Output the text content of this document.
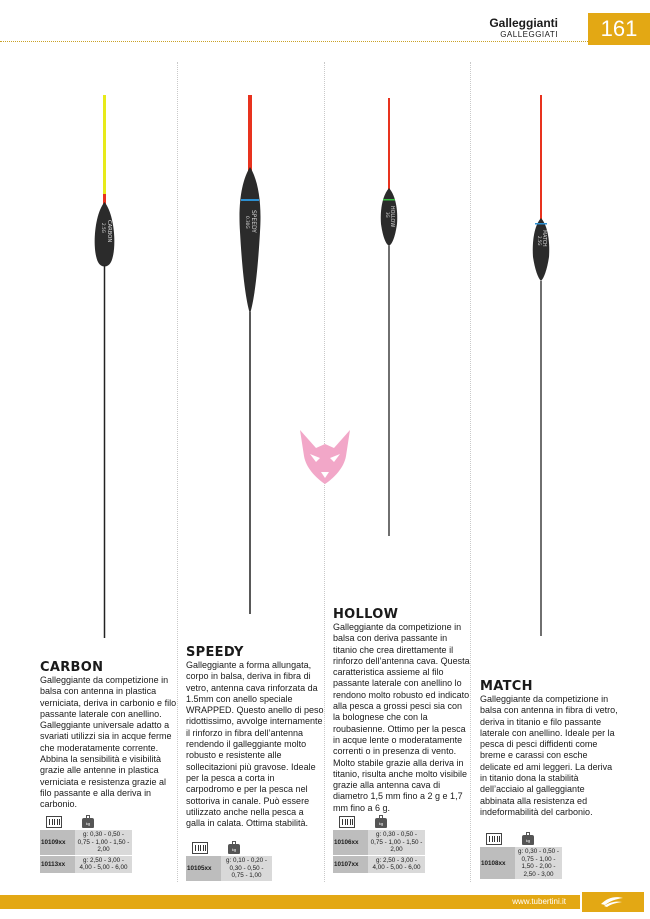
Galleggianti
GALLEGGIATI	161
CARBON
2.5G	SPEEDY
0.30G	HOLLOW
3G
MATCH
2.5G
CARBON

Galleggiante da competizione in balsa con antenna in plastica verniciata, deriva in carbonio e filo passante laterale con anellino. Galleggiante universale adatto a svariati utilizzi sia in acque ferme che moderatamente corrente. Abbina la sensibilità e visibilità grazie alle antenne in plastica verniciata e resistenza grazie al filo passante e alla deriva in carbonio.

kg
10109xx
g: 0,30 - 0,50 - 0,75 - 1,00 - 1,50 - 2,00
10113xx
g: 2,50 - 3,00 - 4,00 - 5,00 - 6,00
SPEEDY

Galleggiante a forma allungata, corpo in balsa, deriva in fibra di vetro, antenna cava rinforzata da 1.5mm con anello speciale WRAPPED. Questo anello di peso ridottissimo, avvolge internamente il rinforzo in fibra dell’antenna rendendo il galleggiante molto robusto e resistente alle sollecitazioni più gravose. Ideale per la pesca a corta in carpodromo e per la pesca nel sottoriva in canale. Può essere utilizzato anche nella pesca a galla in calata. Ottima stabilità.

kg
10105xx
g: 0,10 - 0,20 - 0,30 - 0,50 - 0,75 - 1,00
HOLLOW

Galleggiante da competizione in balsa con deriva passante in titanio che crea direttamente il rinforzo dell’antenna cava. Questa caratteristica assieme al filo passante laterale con anellino lo rendono molto robusto ed indicato alla pesca a grossi pesci sia con la bolognese che con la roubasienne. Ottimo per la pesca in acque lente o moderatamente correnti o in presenza di vento. Molto stabile grazie alla deriva in titanio, risulta anche molto visibile grazie alla antenna cava di diametro 1,5 mm fino a 2 g e 1,7 mm fino a 6 g.

kg
10106xx
g: 0,30 - 0,50 - 0,75 - 1,00 - 1,50 - 2,00
10107xx
g: 2,50 - 3,00 - 4,00 - 5,00 - 6,00
MATCH

Galleggiante da competizione in balsa con antenna in fibra di vetro, deriva in titanio e filo passante laterale con anellino. Ideale per la pesca di pesci diffidenti come breme e carassi con esche delicate ed ami leggeri. La deriva in titanio dona la stabilità dell’acciaio al galleggiante abbinata alla resistenza ed indeformabilità del carbonio.

kg
10108xx
g: 0,30 - 0,50 - 0,75 - 1,00 - 1,50 - 2,00 - 2,50 - 3,00
www.tubertini.it
